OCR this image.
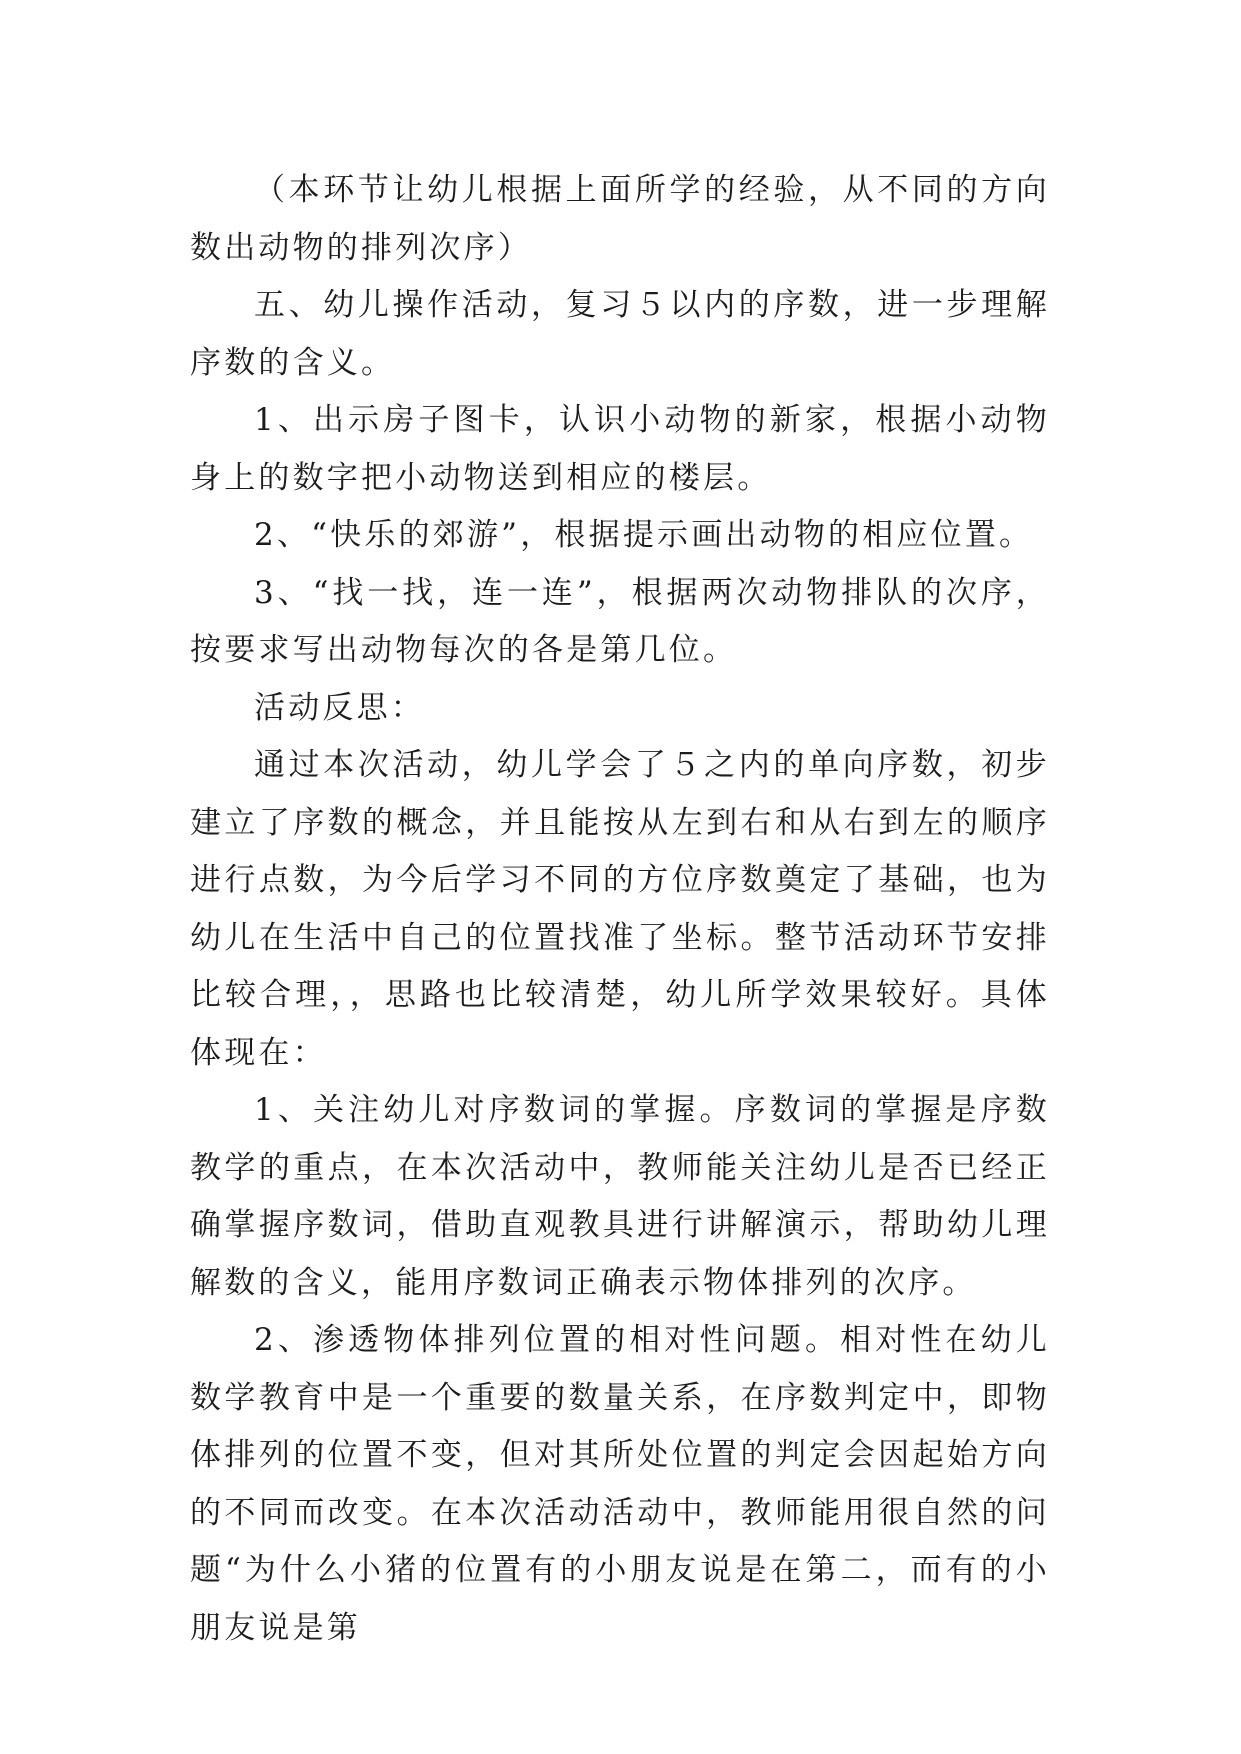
（本环节让幼儿根据上面所学的经验，从不同的方向数出动物的排列次序）

五、幼儿操作活动，复习５以内的序数，进一步理解序数的含义。

1、出示房子图卡，认识小动物的新家，根据小动物身上的数字把小动物送到相应的楼层。

2、“快乐的郊游”，根据提示画出动物的相应位置。

3、“找一找，连一连”，根据两次动物排队的次序，按要求写出动物每次的各是第几位。

活动反思：

通过本次活动，幼儿学会了５之内的单向序数，初步建立了序数的概念，并且能按从左到右和从右到左的顺序进行点数，为今后学习不同的方位序数奠定了基础，也为幼儿在生活中自己的位置找准了坐标。整节活动环节安排比较合理，，思路也比较清楚，幼儿所学效果较好。具体体现在：

1、关注幼儿对序数词的掌握。序数词的掌握是序数教学的重点，在本次活动中，教师能关注幼儿是否已经正确掌握序数词，借助直观教具进行讲解演示，帮助幼儿理解数的含义，能用序数词正确表示物体排列的次序。

2、渗透物体排列位置的相对性问题。相对性在幼儿数学教育中是一个重要的数量关系，在序数判定中，即物体排列的位置不变，但对其所处位置的判定会因起始方向的不同而改变。在本次活动活动中，教师能用很自然的问题“为什么小猪的位置有的小朋友说是在第二，而有的小朋友说是第
